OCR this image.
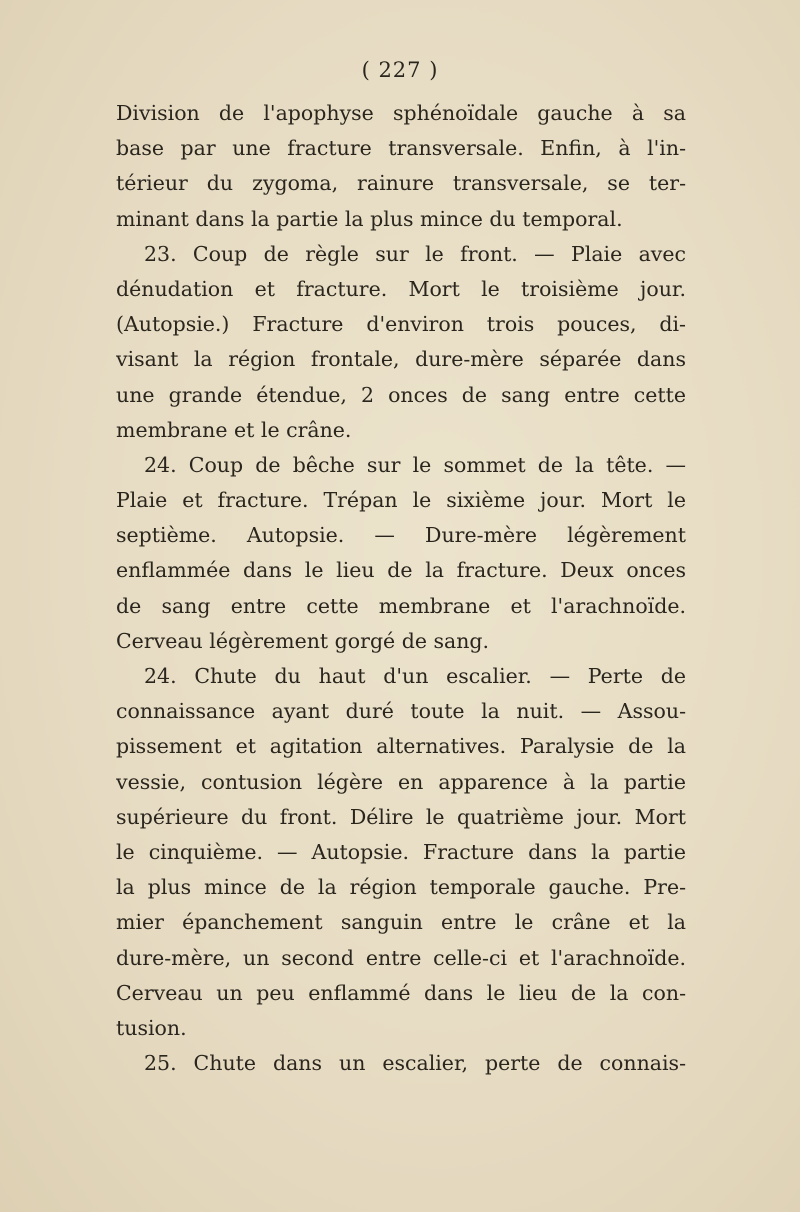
( 227 )
Division de l'apophyse sphénoïdale gauche à sa
base par une fracture transversale. Enfin, à l'in-
térieur du zygoma, rainure transversale, se ter-
minant dans la partie la plus mince du temporal.
23. Coup de règle sur le front. — Plaie avec
dénudation et fracture. Mort le troisième jour.
(Autopsie.) Fracture d'environ trois pouces, di-
visant la région frontale, dure-mère séparée dans
une grande étendue, 2 onces de sang entre cette
membrane et le crâne.
24. Coup de bêche sur le sommet de la tête. —
Plaie et fracture. Trépan le sixième jour. Mort le
septième. Autopsie. — Dure-mère légèrement
enflammée dans le lieu de la fracture. Deux onces
de sang entre cette membrane et l'arachnoïde.
Cerveau légèrement gorgé de sang.
24. Chute du haut d'un escalier. — Perte de
connaissance ayant duré toute la nuit. — Assou-
pissement et agitation alternatives. Paralysie de la
vessie, contusion légère en apparence à la partie
supérieure du front. Délire le quatrième jour. Mort
le cinquième. — Autopsie. Fracture dans la partie
la plus mince de la région temporale gauche. Pre-
mier épanchement sanguin entre le crâne et la
dure-mère, un second entre celle-ci et l'arachnoïde.
Cerveau un peu enflammé dans le lieu de la con-
tusion.
25. Chute dans un escalier, perte de connais-
